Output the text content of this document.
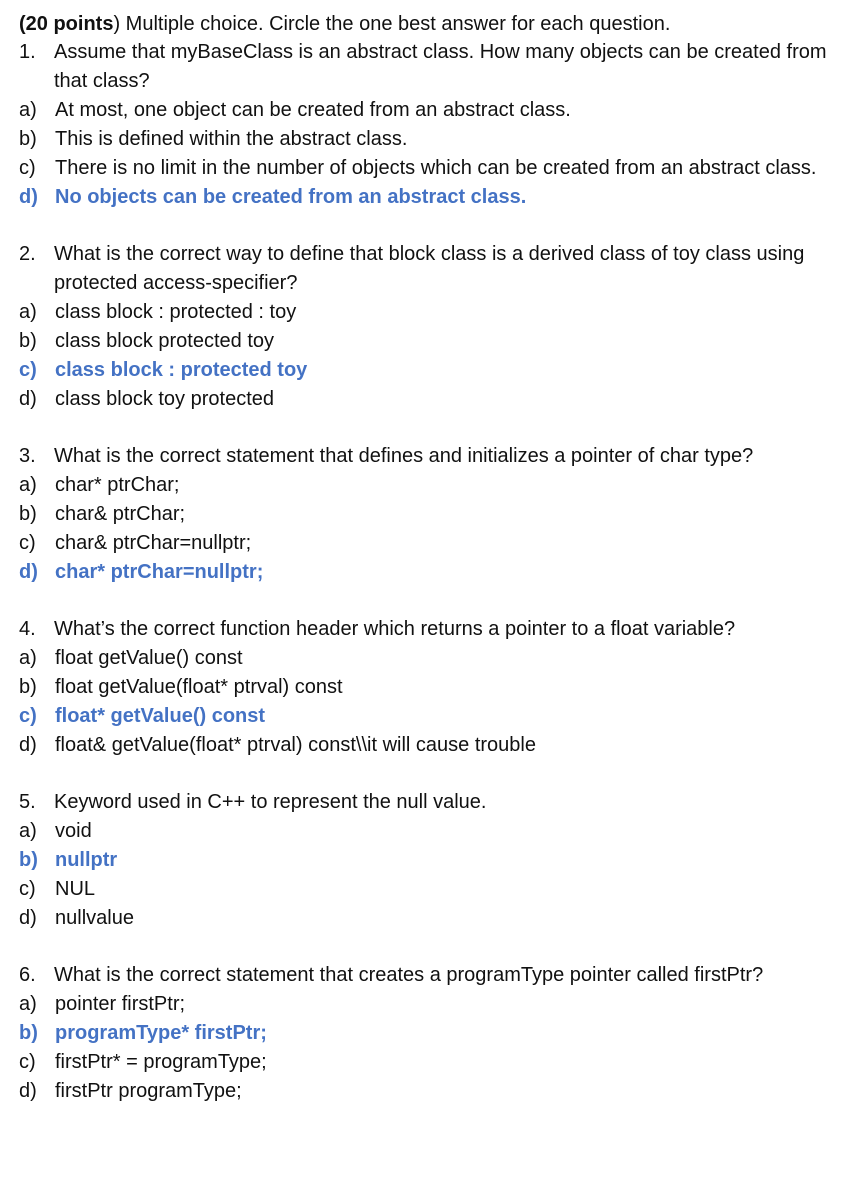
(20 points) Multiple choice. Circle the one best answer for each question.
1. Assume that myBaseClass is an abstract class. How many objects can be created from that class?
a) At most, one object can be created from an abstract class.
b) This is defined within the abstract class.
c) There is no limit in the number of objects which can be created from an abstract class.
d) No objects can be created from an abstract class.
2. What is the correct way to define that block class is a derived class of toy class using protected access-specifier?
a) class block : protected : toy
b) class block protected toy
c) class block : protected toy
d) class block toy protected
3. What is the correct statement that defines and initializes a pointer of char type?
a) char* ptrChar;
b) char& ptrChar;
c) char& ptrChar=nullptr;
d) char* ptrChar=nullptr;
4. What’s the correct function header which returns a pointer to a float variable?
a) float getValue() const
b) float getValue(float* ptrval) const
c) float* getValue() const
d) float& getValue(float* ptrval) const\\it will cause trouble
5. Keyword used in C++ to represent the null value.
a) void
b) nullptr
c) NUL
d) nullvalue
6. What is the correct statement that creates a programType pointer called firstPtr?
a) pointer firstPtr;
b) programType* firstPtr;
c) firstPtr* = programType;
d) firstPtr programType;
